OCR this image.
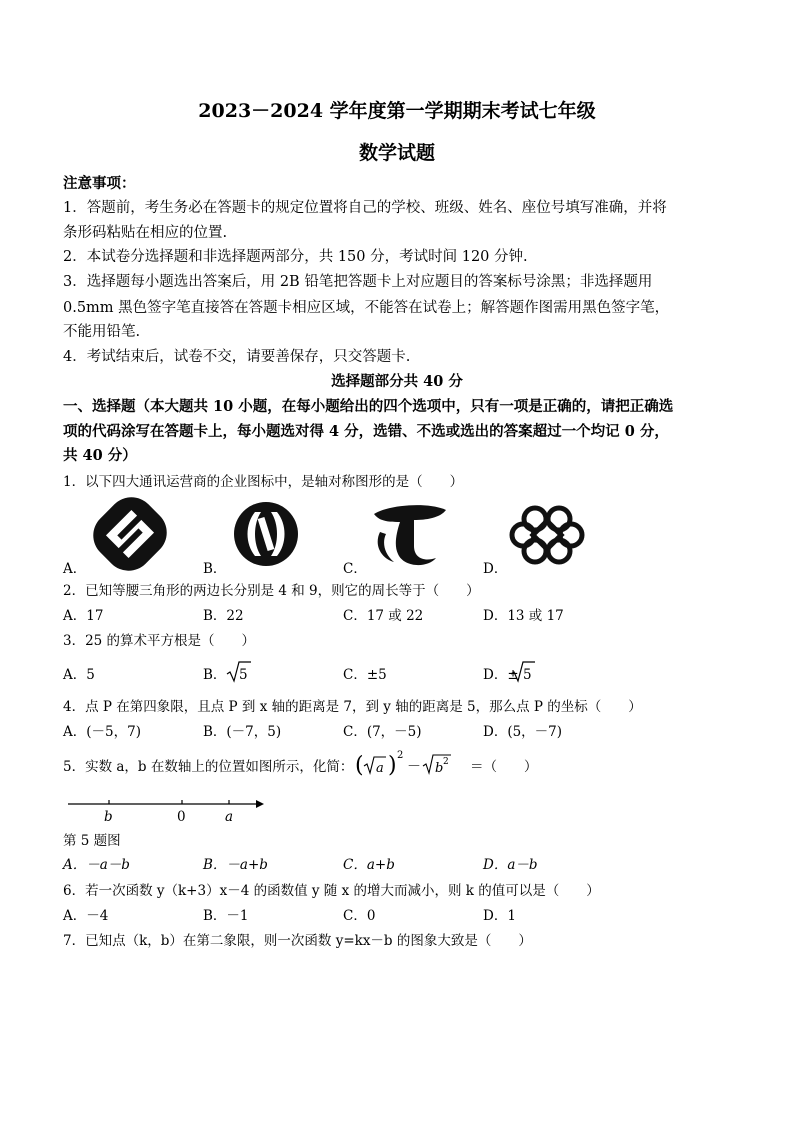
2023－2024 学年度第一学期期末考试七年级
数学试题
注意事项：
1．答题前，考生务必在答题卡的规定位置将自己的学校、班级、姓名、座位号填写准确，并将
条形码粘贴在相应的位置.
2．本试卷分选择题和非选择题两部分，共 150 分，考试时间 120 分钟.
3．选择题每小题选出答案后，用 2B 铅笔把答题卡上对应题目的答案标号涂黑；非选择题用
0.5mm 黑色签字笔直接答在答题卡相应区域，不能答在试卷上；解答题作图需用黑色签字笔，
不能用铅笔.
4．考试结束后，试卷不交，请要善保存，只交答题卡.
选择题部分共 40 分
一、选择题（本大题共 10 小题，在每小题给出的四个选项中，只有一项是正确的，请把正确选
项的代码涂写在答题卡上，每小题选对得 4 分，选错、不选或选出的答案超过一个均记 0 分，
共 40 分）
1．以下四大通讯运营商的企业图标中，是轴对称图形的是（　　）
A．	B．	C．	D．
2．已知等腰三角形的两边长分别是 4 和 9，则它的周长等于（　　）
A．17	B．22	C．17 或 22	D．13 或 17
3．25 的算术平方根是（　　）
A．5	B． 5	C．±5	D．± 5
4．点 P 在第四象限，且点 P 到 x 轴的距离是 7，到 y 轴的距离是 5，那么点 P 的坐标（　　）
A．(－5，7)	B．(－7，5)	C．(7，－5)	D．(5，－7)
5．实数 a，b 在数轴上的位置如图所示，化简： ( a ) 2
－ b 2 ＝（　　）
b	0	a
第 5 题图
A．－a－b	B．－a+b	C．a+b	D．a－b
6．若一次函数 y（k+3）x－4 的函数值 y 随 x 的增大而减小，则 k 的值可以是（　　）
A．－4	B．－1	C．0	D．1
7．已知点（k，b）在第二象限，则一次函数 y=kx－b 的图象大致是（　　）
